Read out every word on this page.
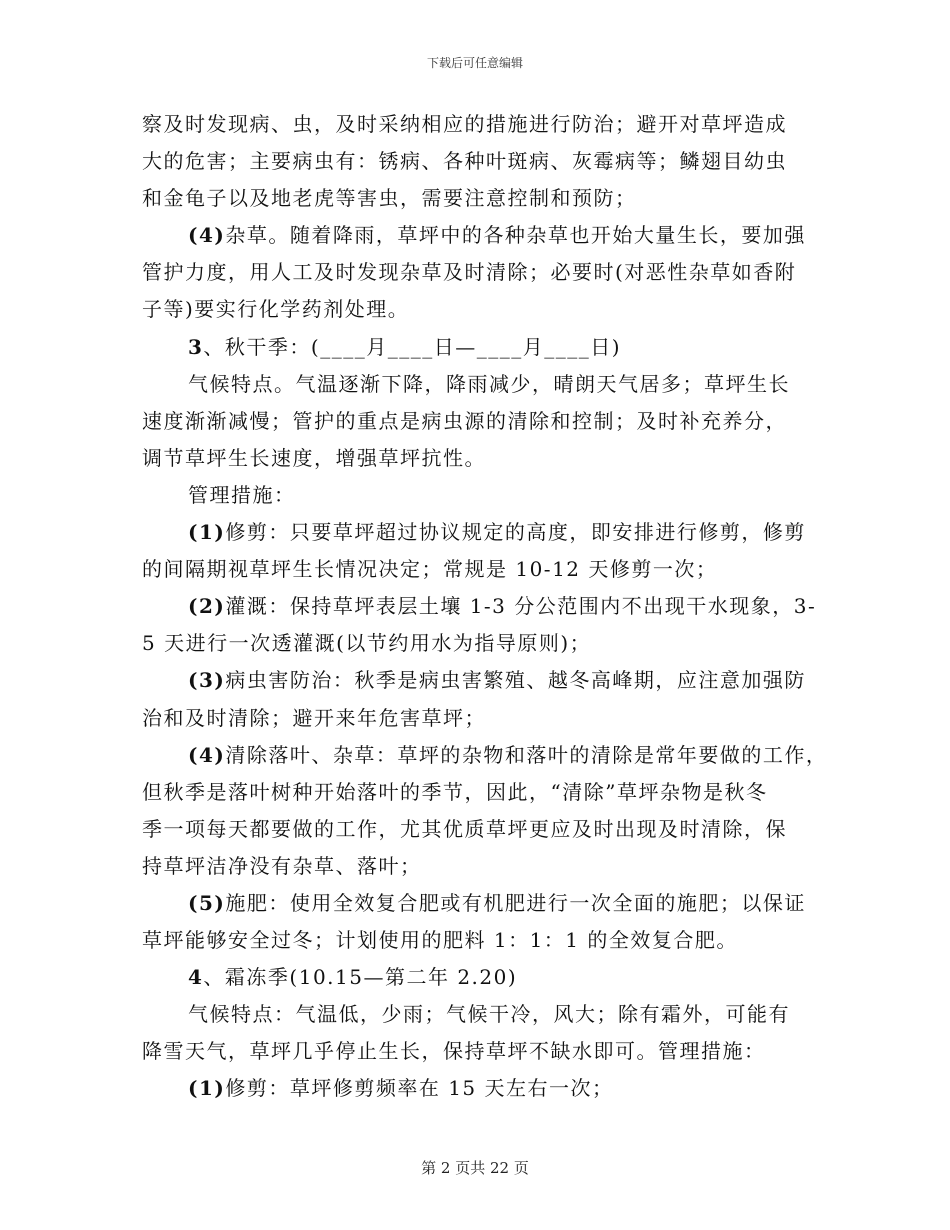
下载后可任意编辑
察及时发现病、虫，及时采纳相应的措施进行防治；避开对草坪造成
大的危害；主要病虫有：锈病、各种叶斑病、灰霉病等；鳞翅目幼虫
和金龟子以及地老虎等害虫，需要注意控制和预防；
(4)杂草。随着降雨，草坪中的各种杂草也开始大量生长，要加强
管护力度，用人工及时发现杂草及时清除；必要时(对恶性杂草如香附
子等)要实行化学药剂处理。
3、秋干季：(____月____日—____月____日)
气候特点。气温逐渐下降，降雨减少，晴朗天气居多；草坪生长
速度渐渐减慢；管护的重点是病虫源的清除和控制；及时补充养分，
调节草坪生长速度，增强草坪抗性。
管理措施：
(1)修剪：只要草坪超过协议规定的高度，即安排进行修剪，修剪
的间隔期视草坪生长情况决定；常规是 10-12 天修剪一次；
(2)灌溉：保持草坪表层土壤 1-3 分公范围内不出现干水现象，3-
5 天进行一次透灌溉(以节约用水为指导原则)；
(3)病虫害防治：秋季是病虫害繁殖、越冬高峰期，应注意加强防
治和及时清除；避开来年危害草坪；
(4)清除落叶、杂草：草坪的杂物和落叶的清除是常年要做的工作，
但秋季是落叶树种开始落叶的季节，因此，“清除”草坪杂物是秋冬
季一项每天都要做的工作，尤其优质草坪更应及时出现及时清除，保
持草坪洁净没有杂草、落叶；
(5)施肥：使用全效复合肥或有机肥进行一次全面的施肥；以保证
草坪能够安全过冬；计划使用的肥料 1：1：1 的全效复合肥。
4、霜冻季(10.15—第二年 2.20)
气候特点：气温低，少雨；气候干冷，风大；除有霜外，可能有
降雪天气，草坪几乎停止生长，保持草坪不缺水即可。管理措施：
(1)修剪：草坪修剪频率在 15 天左右一次；
第 2 页共 22 页
